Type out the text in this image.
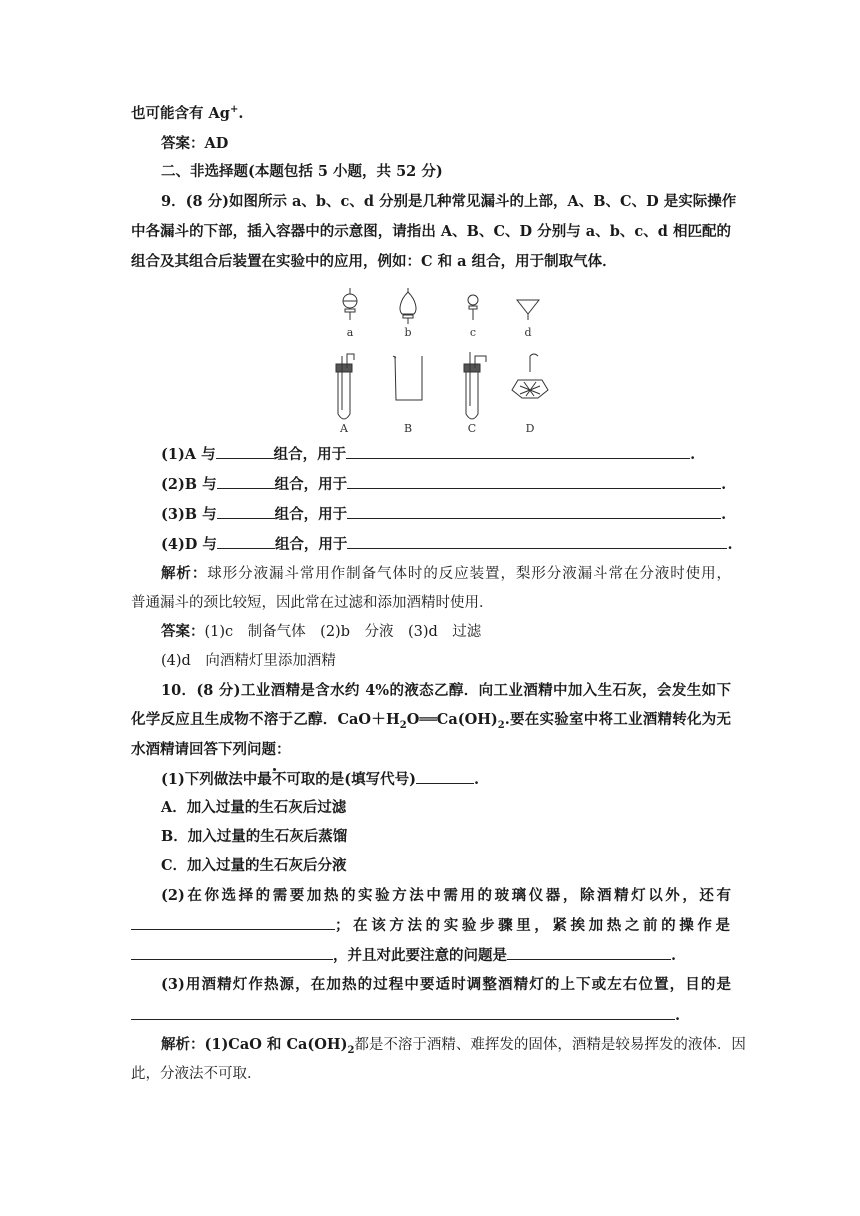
也可能含有 Ag+.
答案：AD
二、非选择题(本题包括 5 小题，共 52 分)
9．(8 分)如图所示 a、b、c、d 分别是几种常见漏斗的上部，A、B、C、D 是实际操作
中各漏斗的下部，插入容器中的示意图，请指出 A、B、C、D 分别与 a、b、c、d 相匹配的
组合及其组合后装置在实验中的应用，例如：C 和 a 组合，用于制取气体．
a	b	c	d
A	B	C	D
(1)A 与	组合，用于	.
(2)B 与	组合，用于	.
(3)B 与	组合，用于	.
(4)D 与	组合，用于	.
解析：球形分液漏斗常用作制备气体时的反应装置，梨形分液漏斗常在分液时使用，
普通漏斗的颈比较短，因此常在过滤和添加酒精时使用．
答案：(1)c　制备气体　(2)b　分液　(3)d　过滤
(4)d　向酒精灯里添加酒精
10．(8 分)工业酒精是含水约 4%的液态乙醇．向工业酒精中加入生石灰，会发生如下
化学反应且生成物不溶于乙醇．$CaO+H_2O══Ca(OH)_2$.要在实验室中将工业酒精转化为无
水酒精请回答下列问题：
(1)下列做法中最不可取的是(填写代号)	.
A．加入过量的生石灰后过滤
B．加入过量的生石灰后蒸馏
C．加入过量的生石灰后分液
(2)在你选择的需要加热的实验方法中需用的玻璃仪器，除酒精灯以外，还有
；在该方法的实验步骤里，紧挨加热之前的操作是
，并且对此要注意的问题是	.
(3)用酒精灯作热源，在加热的过程中要适时调整酒精灯的上下或左右位置，目的是
.
解析：(1)CaO 和 $Ca(OH)_2$都是不溶于酒精、难挥发的固体，酒精是较易挥发的液体．因
此，分液法不可取．
